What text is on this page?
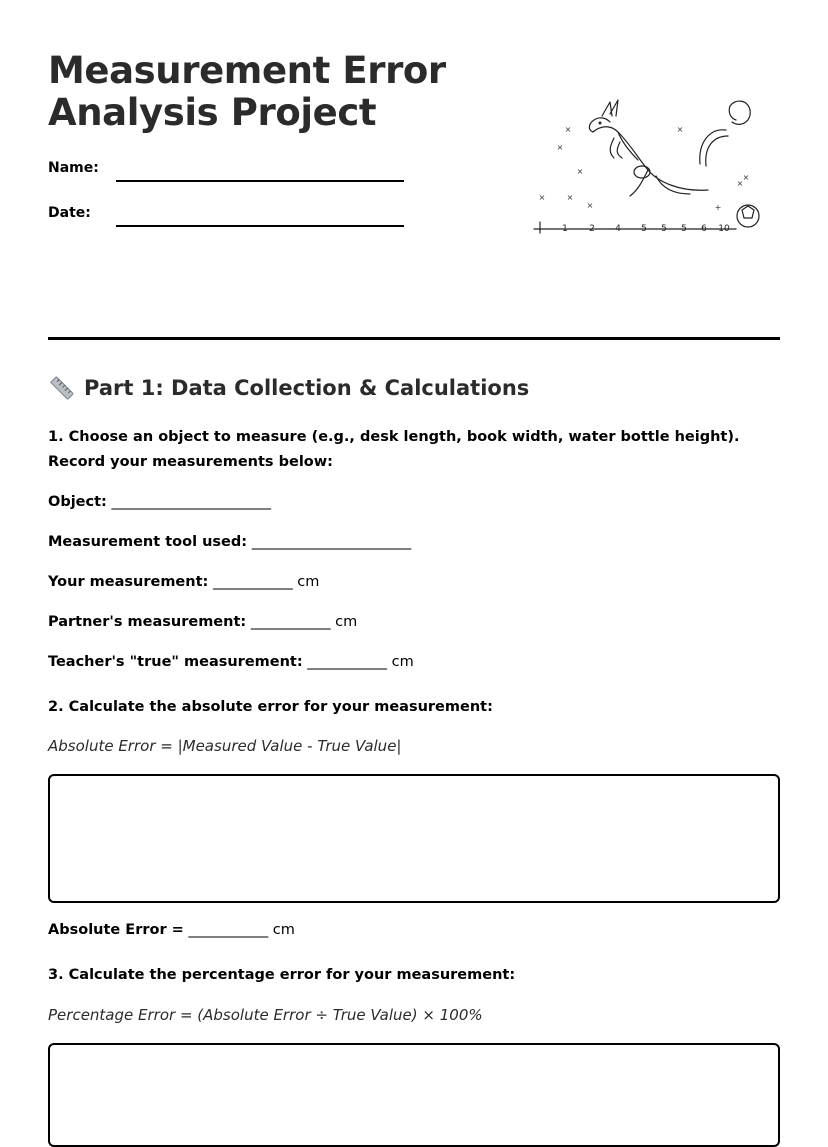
Measurement Error
Analysis Project
Name:
Date:
1 2 4 5 5 5 6 10
×
×
×
×
×	×
×
×
×
+
Part 1: Data Collection & Calculations

1. Choose an object to measure (e.g., desk length, book width, water bottle height). Record your measurements below:

Object: ______________________
Measurement tool used: ______________________
Your measurement: ___________ cm
Partner's measurement: ___________ cm
Teacher's "true" measurement: ___________ cm

2. Calculate the absolute error for your measurement:

Absolute Error = |Measured Value - True Value|
Absolute Error = ___________ cm

3. Calculate the percentage error for your measurement:

Percentage Error = (Absolute Error ÷ True Value) × 100%
